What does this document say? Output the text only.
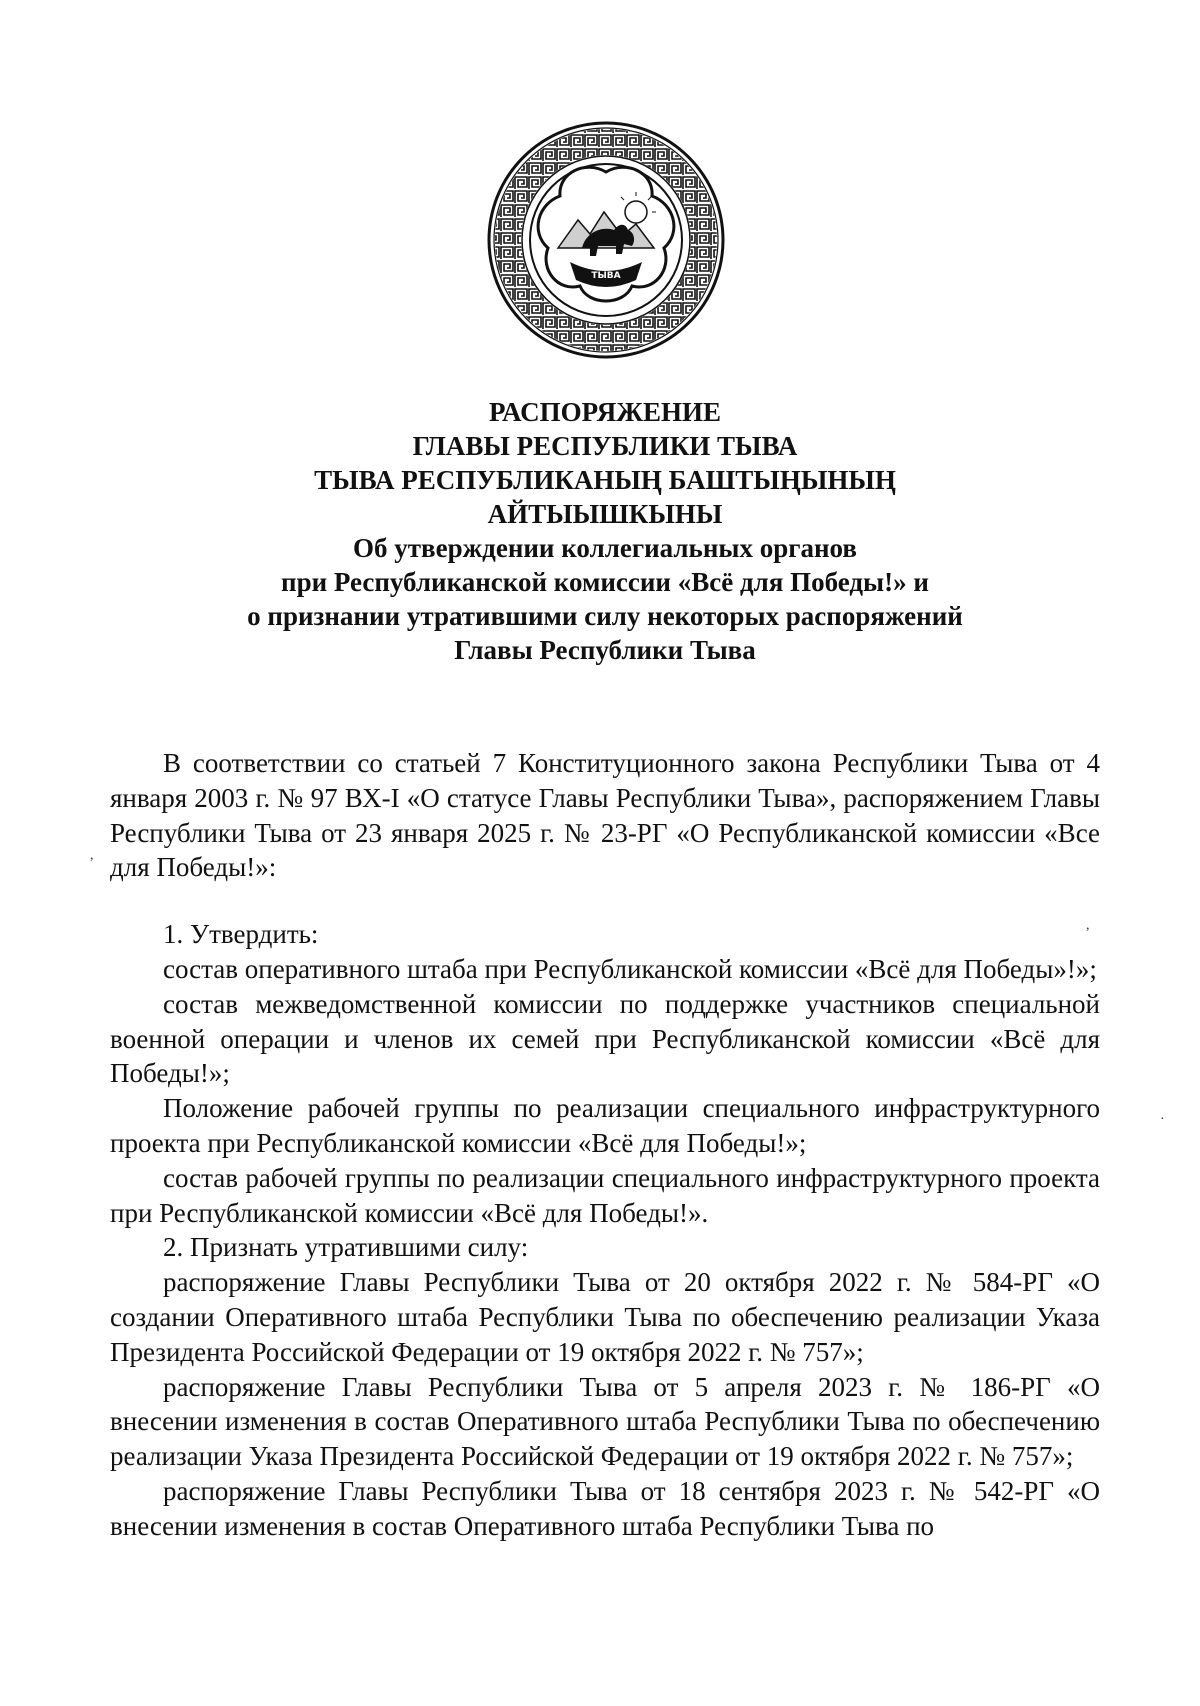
ТЫВА
··
РАСПОРЯЖЕНИЕ
ГЛАВЫ РЕСПУБЛИКИ ТЫВА
ТЫВА РЕСПУБЛИКАНЫҢ БАШТЫҢЫНЫҢ
АЙТЫЫШКЫНЫ
Об утверждении коллегиальных органов
при Республиканской комиссии «Всё для Победы!» и
о признании утратившими силу некоторых распоряжений
Главы Республики Тыва

В соответствии со статьей 7 Конституционного закона Республики Тыва от 4 января 2003 г. № 97 ВХ-I «О статусе Главы Республики Тыва», распоряжением Главы Республики Тыва от 23 января 2025 г. № 23-РГ «О Республиканской комиссии «Все для Победы!»:

1. Утвердить:

состав оперативного штаба при Республиканской комиссии «Всё для Победы»!»;

состав межведомственной комиссии по поддержке участников специальной военной операции и членов их семей при Республиканской комиссии «Всё для Победы!»;

Положение рабочей группы по реализации специального инфраструктурного проекта при Республиканской комиссии «Всё для Победы!»;

состав рабочей группы по реализации специального инфраструктурного проекта при Республиканской комиссии «Всё для Победы!».

2. Признать утратившими силу:

распоряжение Главы Республики Тыва от 20 октября 2022 г. № 584-РГ «О создании Оперативного штаба Республики Тыва по обеспечению реализации Указа Президента Российской Федерации от 19 октября 2022 г. № 757»;

распоряжение Главы Республики Тыва от 5 апреля 2023 г. № 186-РГ «О внесении изменения в состав Оперативного штаба Республики Тыва по обеспечению реализации Указа Президента Российской Федерации от 19 октября 2022 г. № 757»;

распоряжение Главы Республики Тыва от 18 сентября 2023 г. № 542-РГ «О внесении изменения в состав Оперативного штаба Республики Тыва по

,
,
·
